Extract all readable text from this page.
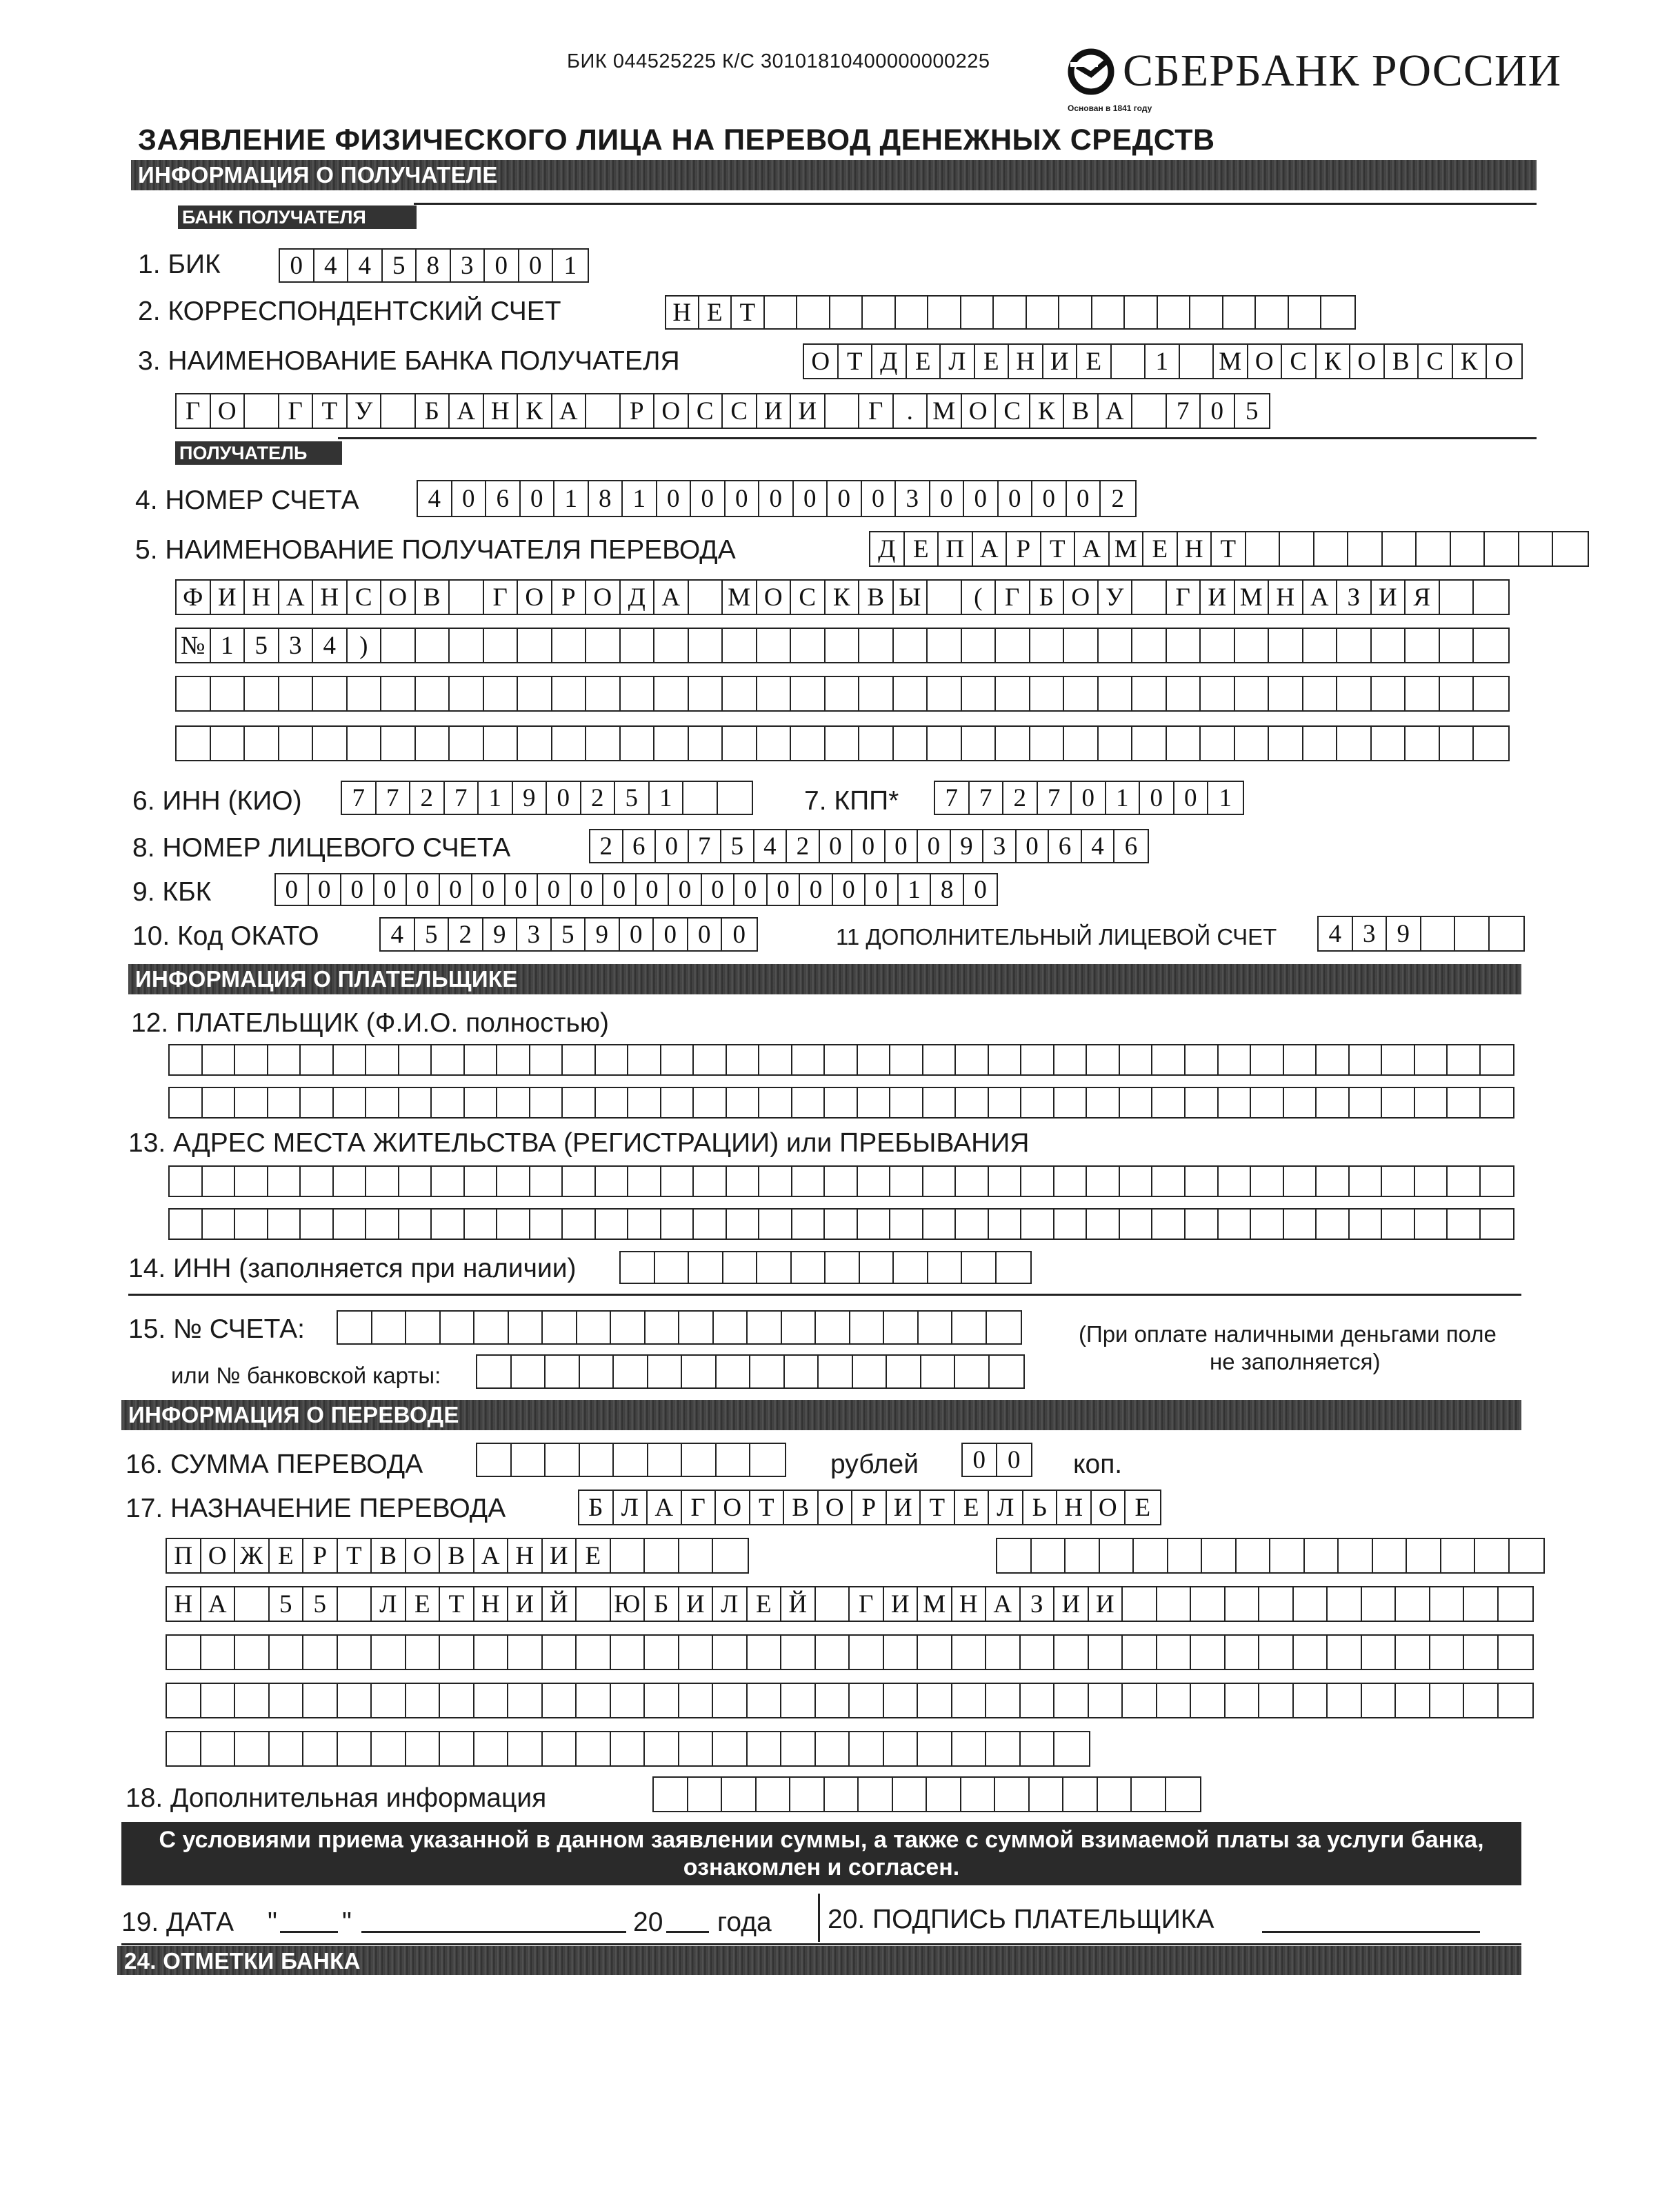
БИК 044525225 К/С 30101810400000000225	СБЕРБАНК РОССИИ
Основан в 1841 году
ЗАЯВЛЕНИЕ ФИЗИЧЕСКОГО ЛИЦА НА ПЕРЕВОД ДЕНЕЖНЫХ СРЕДСТВ
ИНФОРМАЦИЯ О ПОЛУЧАТЕЛЕ
БАНК ПОЛУЧАТЕЛЯ
1. БИК	0 4 4 5 8 3 0 0 1
2. КОРРЕСПОНДЕНТСКИЙ СЧЕТ	Н Е Т
3. НАИМЕНОВАНИЕ БАНКА ПОЛУЧАТЕЛЯ	О Т Д Е Л Е Н И Е	1	М О С К О В С К О
Г О	Г Т У	Б А Н К А	Р О С С И И	Г . М О С К В А	7 0 5
ПОЛУЧАТЕЛЬ
4. НОМЕР СЧЕТА	4 0 6 0 1 8 1 0 0 0 0 0 0 0 3 0 0 0 0 0 2
5. НАИМЕНОВАНИЕ ПОЛУЧАТЕЛЯ ПЕРЕВОДА	Д Е П А Р Т А М Е Н Т
Ф И Н А Н С О В	Г О Р О Д А	М О С К В Ы	( Г Б О У	Г И М Н А З И Я
№ 1 5 3 4 )
6. ИНН (КИО)	7 7 2 7 1 9 0 2 5 1	7. КПП*	7 7 2 7 0 1 0 0 1
8. НОМЕР ЛИЦЕВОГО СЧЕТА	2 6 0 7 5 4 2 0 0 0 0 9 3 0 6 4 6
9. КБК	0 0 0 0 0 0 0 0 0 0 0 0 0 0 0 0 0 0 0 1 8 0
10. Код ОКАТО	4 5 2 9 3 5 9 0 0 0 0	11 ДОПОЛНИТЕЛЬНЫЙ ЛИЦЕВОЙ СЧЕТ	4 3 9
ИНФОРМАЦИЯ О ПЛАТЕЛЬЩИКЕ
12. ПЛАТЕЛЬЩИК (Ф.И.О. полностью)
13. АДРЕС МЕСТА ЖИТЕЛЬСТВА (РЕГИСТРАЦИИ) или ПРЕБЫВАНИЯ
14. ИНН (заполняется при наличии)
15. № СЧЕТА:
или № банковской карты:
(При оплате наличными деньгами поле
не заполняется)
ИНФОРМАЦИЯ О ПЕРЕВОДЕ
16. СУММА ПЕРЕВОДА	рублей	0 0	коп.
17. НАЗНАЧЕНИЕ ПЕРЕВОДА	Б Л А Г О Т В О Р И Т Е Л Ь Н О Е
П О Ж Е Р Т В О В А Н И Е
Н А	5 5	Л Е Т Н И Й	Ю Б И Л Е Й	Г И М Н А З И И
18. Дополнительная информация
С условиями приема указанной в данном заявлении суммы, а также с суммой взимаемой платы за услуги банка,
ознакомлен и согласен.
19. ДАТА " "	20 года 20. ПОДПИСЬ ПЛАТЕЛЬЩИКА
24. ОТМЕТКИ БАНКА
